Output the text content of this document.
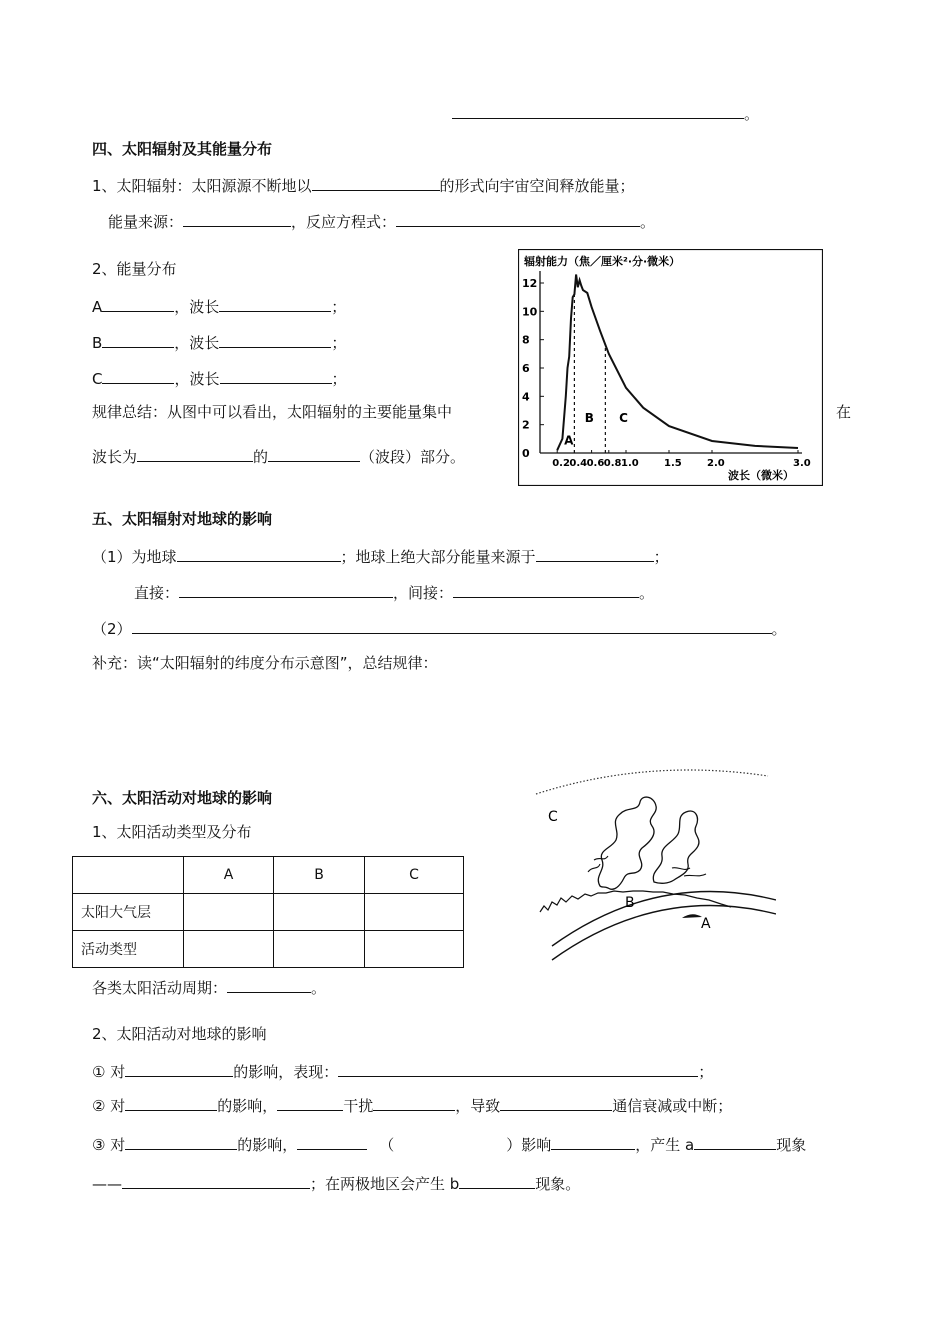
。
四、太阳辐射及其能量分布
1、太阳辐射：太阳源源不断地以	的形式向宇宙空间释放能量；
能量来源：	，反应方程式：	。
2、能量分布
A	，波长	；
B	，波长	；
C	，波长	；
规律总结：从图中可以看出，太阳辐射的主要能量集中	在
波长为	的	（波段）部分。
辐射能力（焦／厘米²·分·微米）
波长（微米）
12
10
8
6
4
2
0
0.2 0.4 0.6 0.8 1.0	1.5	2.0	3.0
A
B C
五、太阳辐射对地球的影响
（1）为地球	；地球上绝大部分能量来源于	；
直接：	，间接：	。
（2）	。
补充：读“太阳辐射的纬度分布示意图”，总结规律：
六、太阳活动对地球的影响
1、太阳活动类型及分布
	A	B	C
太阳大气层			
活动类型			
各类太阳活动周期：	。
2、太阳活动对地球的影响
① 对	的影响，表现：	；
② 对	的影响，	干扰	，导致	通信衰减或中断；
③ 对	的影响，	（	）影响	，产生 a	现象
——	；在两极地区会产生 b	现象。
C
B
A
